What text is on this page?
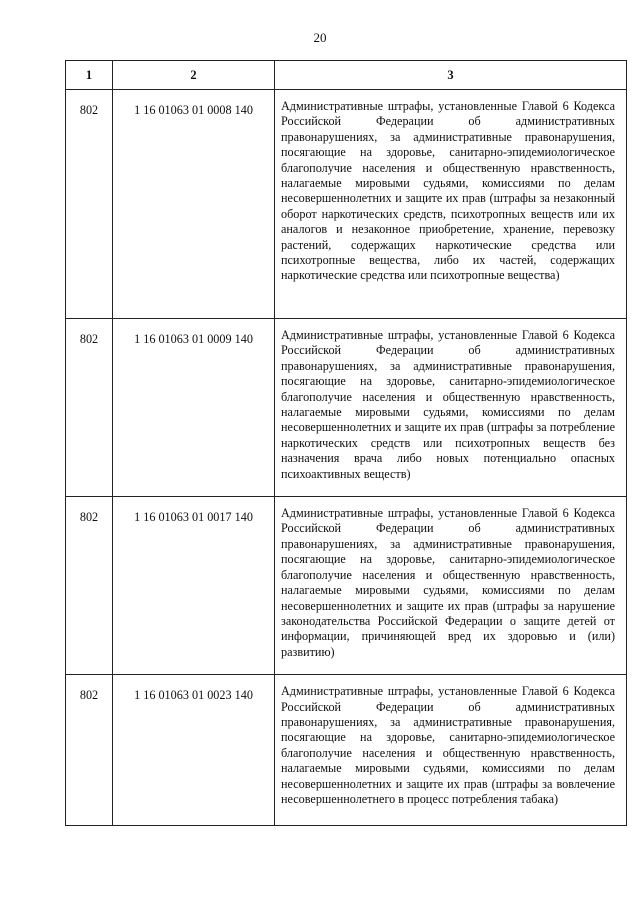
20
1	2	3
802	1 16 01063 01 0008 140	Административные штрафы, установленные Главой 6 Кодекса Российской Федерации об административных правонарушениях, за административные правонарушения, посягающие на здоровье, санитарно-эпидемиологическое благополучие населения и общественную нравственность, налагаемые мировыми судьями, комиссиями по делам несовершеннолетних и защите их прав (штрафы за незаконный оборот наркотических средств, психотропных веществ или их аналогов и незаконное приобретение, хранение, перевозку растений, содержащих наркотические средства или психотропные вещества, либо их частей, содержащих наркотические средства или психотропные вещества)
802	1 16 01063 01 0009 140	Административные штрафы, установленные Главой 6 Кодекса Российской Федерации об административных правонарушениях, за административные правонарушения, посягающие на здоровье, санитарно-эпидемиологическое благополучие населения и общественную нравственность, налагаемые мировыми судьями, комиссиями по делам несовершеннолетних и защите их прав (штрафы за потребление наркотических средств или психотропных веществ без назначения врача либо новых потенциально опасных психоактивных веществ)
802	1 16 01063 01 0017 140	Административные штрафы, установленные Главой 6 Кодекса Российской Федерации об административных правонарушениях, за административные правонарушения, посягающие на здоровье, санитарно-эпидемиологическое благополучие населения и общественную нравственность, налагаемые мировыми судьями, комиссиями по делам несовершеннолетних и защите их прав (штрафы за нарушение законодательства Российской Федерации о защите детей от информации, причиняющей вред их здоровью и (или) развитию)
802	1 16 01063 01 0023 140	Административные штрафы, установленные Главой 6 Кодекса Российской Федерации об административных правонарушениях, за административные правонарушения, посягающие на здоровье, санитарно-эпидемиологическое благополучие населения и общественную нравственность, налагаемые мировыми судьями, комиссиями по делам несовершеннолетних и защите их прав (штрафы за вовлечение несовершеннолетнего в процесс потребления табака)
